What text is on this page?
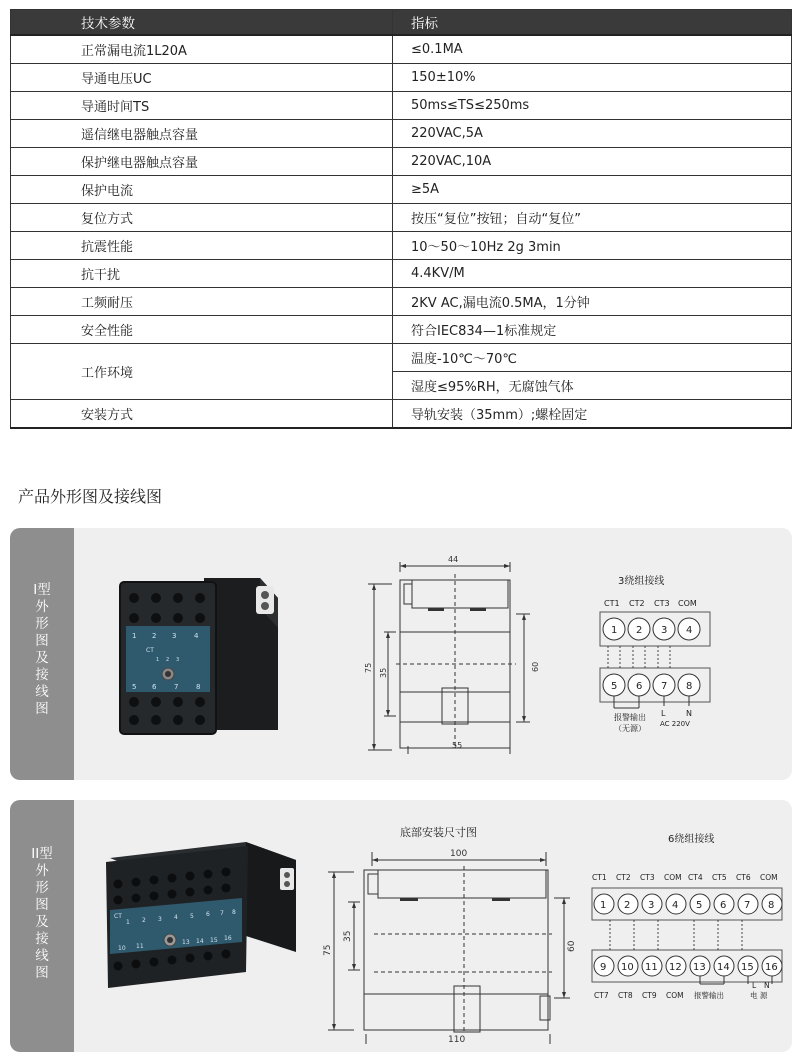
技术参数	指标
正常漏电流1L20A	≤0.1MA
导通电压UC	150±10%
导通时间TS	50ms≤TS≤250ms
遥信继电器触点容量	220VAC,5A
保护继电器触点容量	220VAC,10A
保护电流	≥5A
复位方式	按压“复位”按钮；自动“复位”
抗震性能	10～50～10Hz 2g 3min
抗干扰	4.4KV/M
工频耐压	2KV AC,漏电流0.5MA，1分钟
安全性能	符合IEC834—1标准规定
工作环境	温度-10℃～70℃
	湿度≤95%RH，无腐蚀气体
安装方式	导轨安装（35mm）;螺栓固定
产品外形图及接线图
I型外形图及接线图
1 2 3	4
CT
1 2 3
5 6	7	8
44
75 35
60
55
3绕组接线
CT1 CT2 CT3 COM
1 2 3 4
5 6 7 8
报警输出
（无源）
L	N
AC 220V
II型外形图及接线图
CT
1 2 3 4 5 6 7 8
10 11
13 14 15 16
底部安装尺寸图
100
75
35
60
110
6绕组接线
CT1 CT2 CT3 COM CT4 CT5 CT6 COM
1 2 3 4 5 6 7 8
9 10 11 12 13 14 15 16
CT7 CT8 CT9 COM 报警输出
L N
电 源
